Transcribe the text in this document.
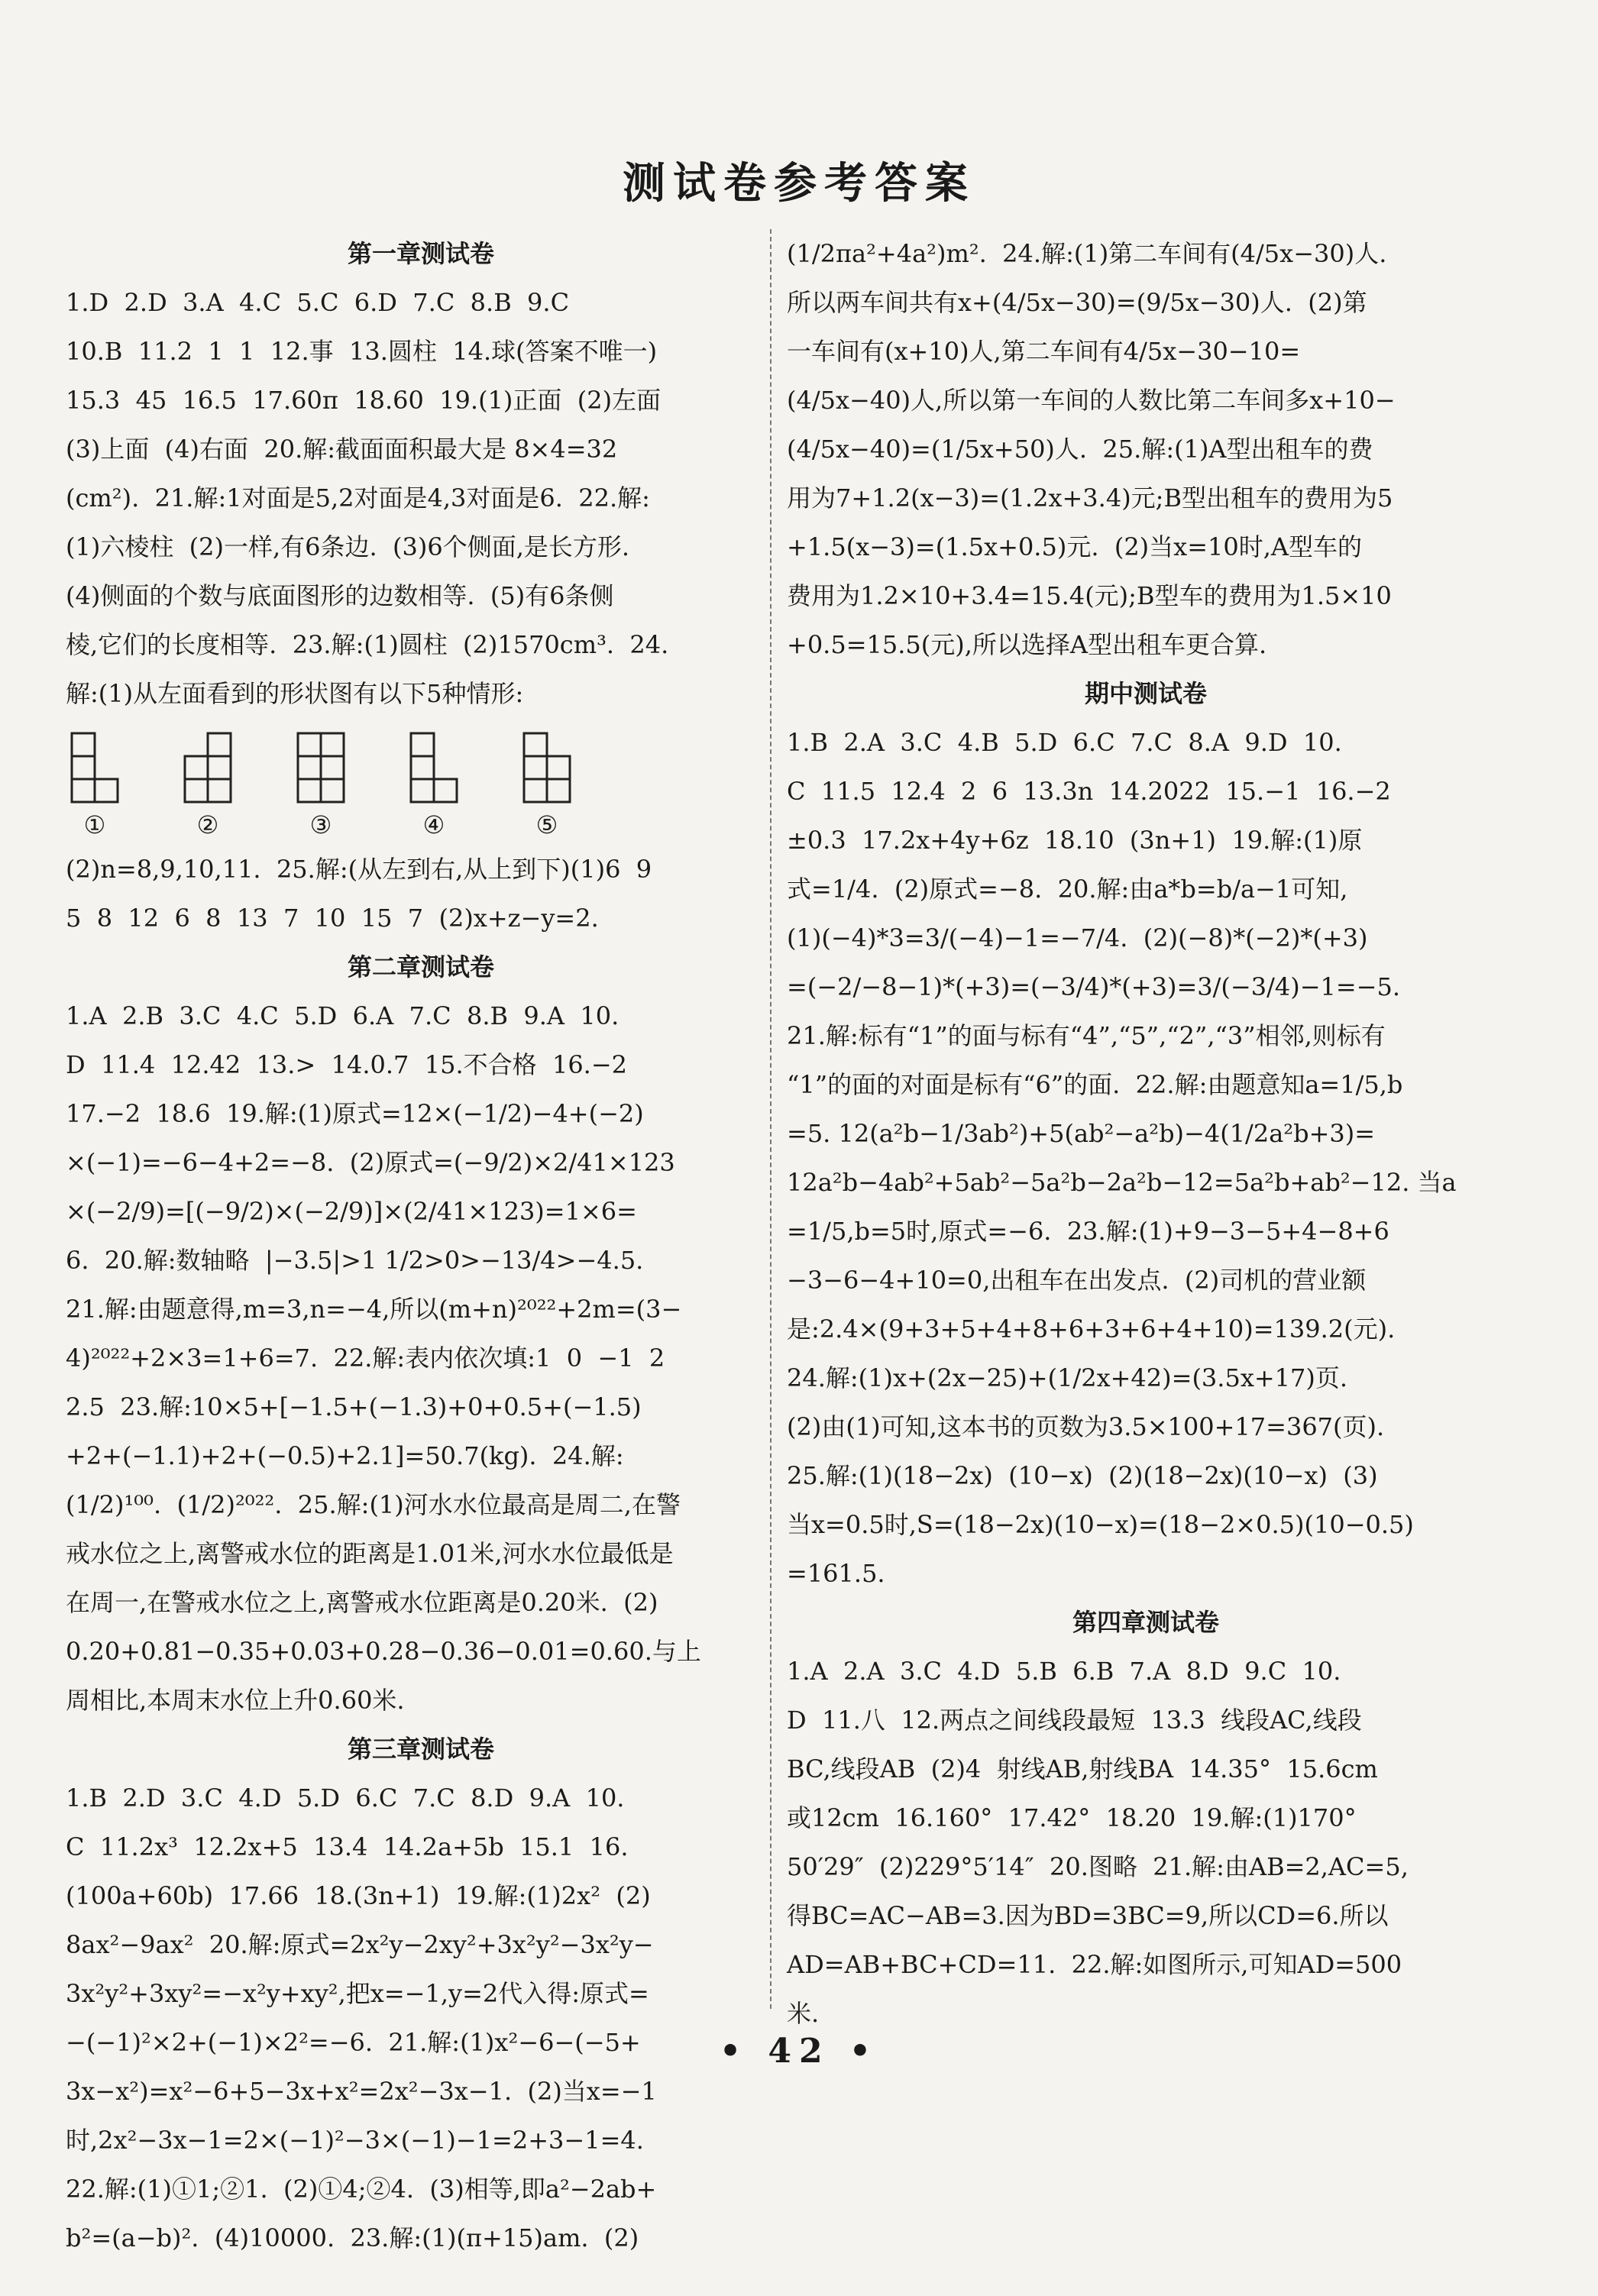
测试卷参考答案

第一章测试卷

1.D  2.D  3.A  4.C  5.C  6.D  7.C  8.B  9.C

10.B  11.2  1  1  12.事  13.圆柱  14.球(答案不唯一)

15.3  45  16.5  17.60π  18.60  19.(1)正面  (2)左面

(3)上面  (4)右面  20.解:截面面积最大是 8×4=32

(cm²).  21.解:1对面是5,2对面是4,3对面是6.  22.解:

(1)六棱柱  (2)一样,有6条边.  (3)6个侧面,是长方形.

(4)侧面的个数与底面图形的边数相等.  (5)有6条侧

棱,它们的长度相等.  23.解:(1)圆柱  (2)1570cm³.  24.

解:(1)从左面看到的形状图有以下5种情形:

①	②	③	④	⑤

(2)n=8,9,10,11.  25.解:(从左到右,从上到下)(1)6  9

5  8  12  6  8  13  7  10  15  7  (2)x+z−y=2.

第二章测试卷

1.A  2.B  3.C  4.C  5.D  6.A  7.C  8.B  9.A  10.

D  11.4  12.42  13.>  14.0.7  15.不合格  16.−2

17.−2  18.6  19.解:(1)原式=12×(−1/2)−4+(−2)

×(−1)=−6−4+2=−8.  (2)原式=(−9/2)×2/41×123

×(−2/9)=[(−9/2)×(−2/9)]×(2/41×123)=1×6=

6.  20.解:数轴略  |−3.5|>1 1/2>0>−13/4>−4.5.

21.解:由题意得,m=3,n=−4,所以(m+n)²⁰²²+2m=(3−

4)²⁰²²+2×3=1+6=7.  22.解:表内依次填:1  0  −1  2

2.5  23.解:10×5+[−1.5+(−1.3)+0+0.5+(−1.5)

+2+(−1.1)+2+(−0.5)+2.1]=50.7(kg).  24.解:

(1/2)¹⁰⁰.  (1/2)²⁰²².  25.解:(1)河水水位最高是周二,在警

戒水位之上,离警戒水位的距离是1.01米,河水水位最低是

在周一,在警戒水位之上,离警戒水位距离是0.20米.  (2)

0.20+0.81−0.35+0.03+0.28−0.36−0.01=0.60.与上

周相比,本周末水位上升0.60米.

第三章测试卷

1.B  2.D  3.C  4.D  5.D  6.C  7.C  8.D  9.A  10.

C  11.2x³  12.2x+5  13.4  14.2a+5b  15.1  16.

(100a+60b)  17.66  18.(3n+1)  19.解:(1)2x²  (2)

8ax²−9ax²  20.解:原式=2x²y−2xy²+3x²y²−3x²y−

3x²y²+3xy²=−x²y+xy²,把x=−1,y=2代入得:原式=

−(−1)²×2+(−1)×2²=−6.  21.解:(1)x²−6−(−5+

3x−x²)=x²−6+5−3x+x²=2x²−3x−1.  (2)当x=−1

时,2x²−3x−1=2×(−1)²−3×(−1)−1=2+3−1=4.

22.解:(1)①1;②1.  (2)①4;②4.  (3)相等,即a²−2ab+

b²=(a−b)².  (4)10000.  23.解:(1)(π+15)am.  (2)

(1/2πa²+4a²)m².  24.解:(1)第二车间有(4/5x−30)人.

所以两车间共有x+(4/5x−30)=(9/5x−30)人.  (2)第

一车间有(x+10)人,第二车间有4/5x−30−10=

(4/5x−40)人,所以第一车间的人数比第二车间多x+10−

(4/5x−40)=(1/5x+50)人.  25.解:(1)A型出租车的费

用为7+1.2(x−3)=(1.2x+3.4)元;B型出租车的费用为5

+1.5(x−3)=(1.5x+0.5)元.  (2)当x=10时,A型车的

费用为1.2×10+3.4=15.4(元);B型车的费用为1.5×10

+0.5=15.5(元),所以选择A型出租车更合算.

期中测试卷

1.B  2.A  3.C  4.B  5.D  6.C  7.C  8.A  9.D  10.

C  11.5  12.4  2  6  13.3n  14.2022  15.−1  16.−2

±0.3  17.2x+4y+6z  18.10  (3n+1)  19.解:(1)原

式=1/4.  (2)原式=−8.  20.解:由a*b=b/a−1可知,

(1)(−4)*3=3/(−4)−1=−7/4.  (2)(−8)*(−2)*(+3)

=(−2/−8−1)*(+3)=(−3/4)*(+3)=3/(−3/4)−1=−5.

21.解:标有“1”的面与标有“4”,“5”,“2”,“3”相邻,则标有

“1”的面的对面是标有“6”的面.  22.解:由题意知a=1/5,b

=5. 12(a²b−1/3ab²)+5(ab²−a²b)−4(1/2a²b+3)=

12a²b−4ab²+5ab²−5a²b−2a²b−12=5a²b+ab²−12. 当a

=1/5,b=5时,原式=−6.  23.解:(1)+9−3−5+4−8+6

−3−6−4+10=0,出租车在出发点.  (2)司机的营业额

是:2.4×(9+3+5+4+8+6+3+6+4+10)=139.2(元).

24.解:(1)x+(2x−25)+(1/2x+42)=(3.5x+17)页.

(2)由(1)可知,这本书的页数为3.5×100+17=367(页).

25.解:(1)(18−2x)  (10−x)  (2)(18−2x)(10−x)  (3)

当x=0.5时,S=(18−2x)(10−x)=(18−2×0.5)(10−0.5)

=161.5.

第四章测试卷

1.A  2.A  3.C  4.D  5.B  6.B  7.A  8.D  9.C  10.

D  11.八  12.两点之间线段最短  13.3  线段AC,线段

BC,线段AB  (2)4  射线AB,射线BA  14.35°  15.6cm

或12cm  16.160°  17.42°  18.20  19.解:(1)170°

50′29″  (2)229°5′14″  20.图略  21.解:由AB=2,AC=5,

得BC=AC−AB=3.因为BD=3BC=9,所以CD=6.所以

AD=AB+BC+CD=11.  22.解:如图所示,可知AD=500

米.

• 42 •
